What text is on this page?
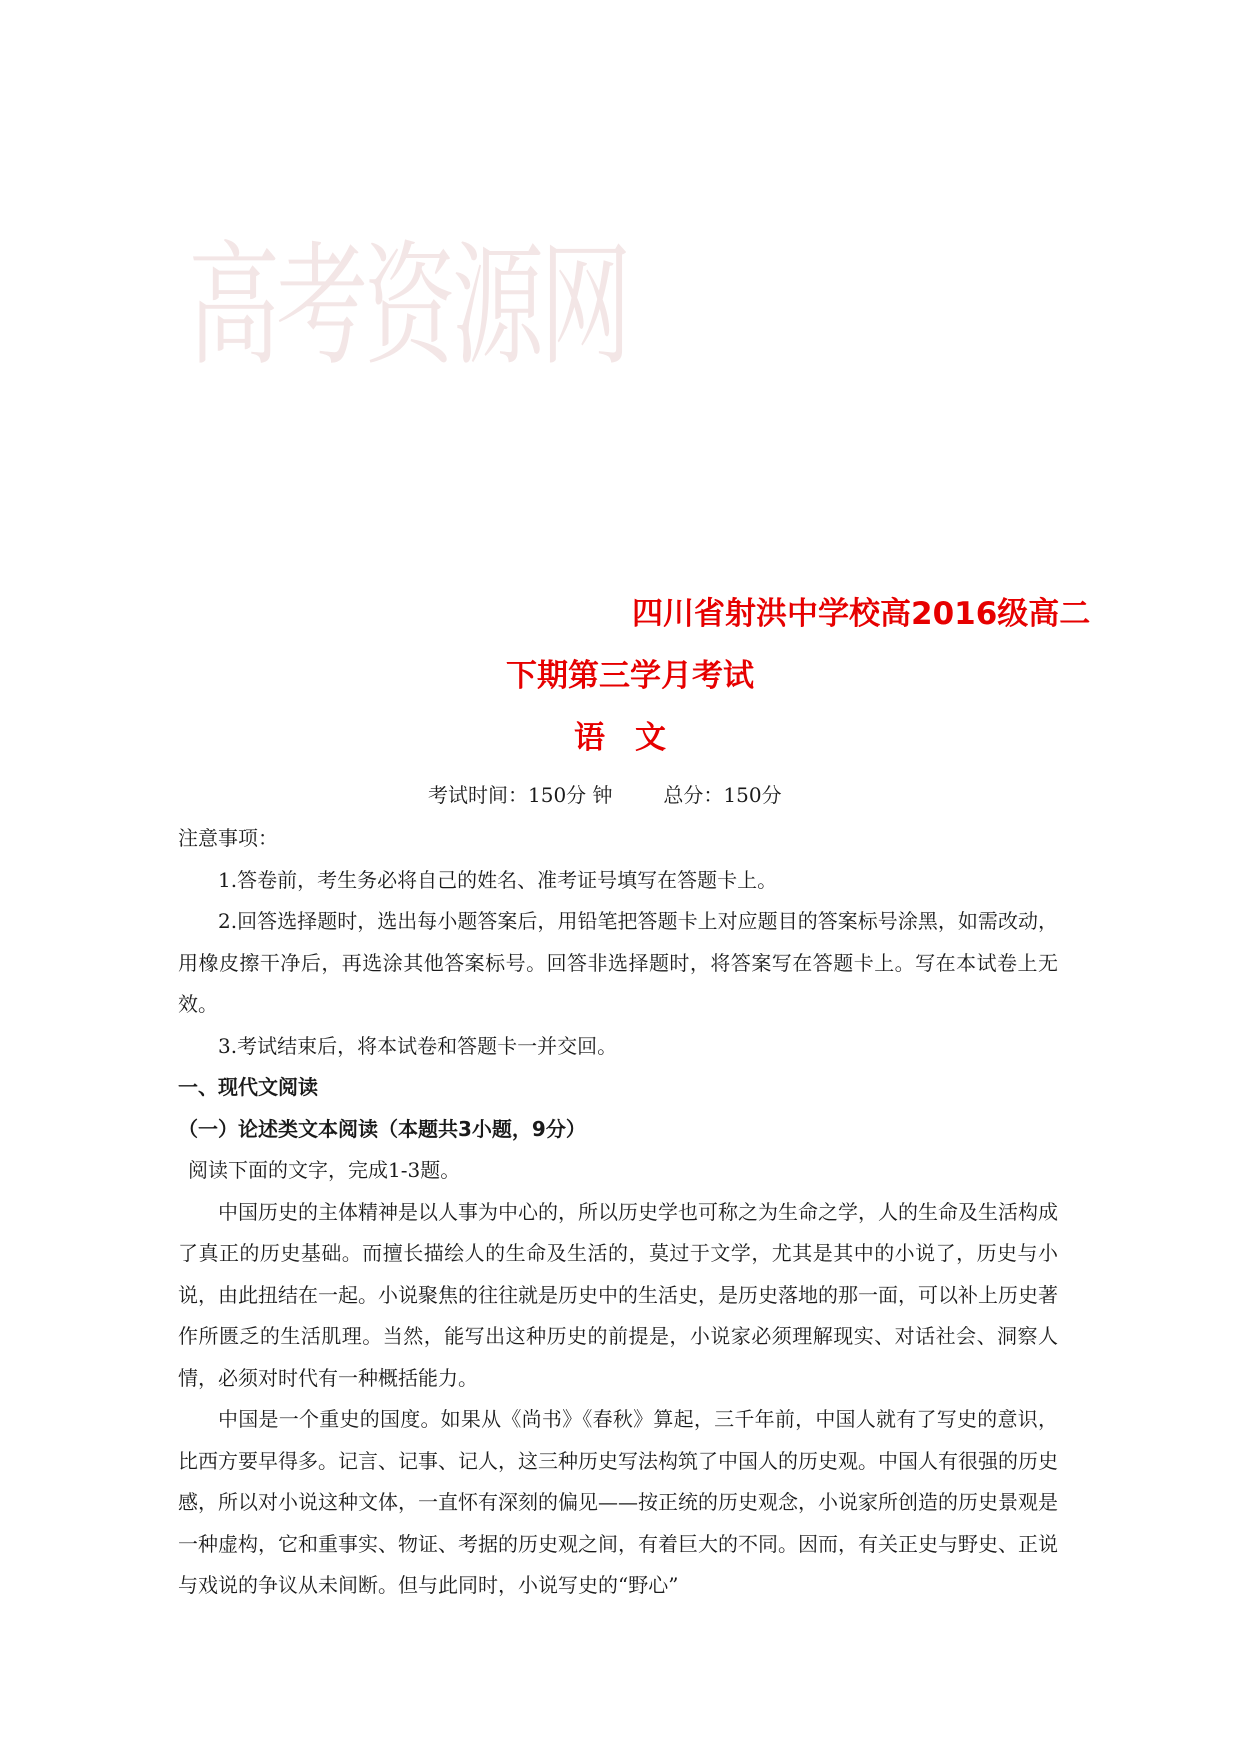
高考资源网
四川省射洪中学校高2016级高二
下期第三学月考试
语文
考试时间：150分 钟	总分：150分

注意事项：

1.答卷前，考生务必将自己的姓名、准考证号填写在答题卡上。

2.回答选择题时，选出每小题答案后，用铅笔把答题卡上对应题目的答案标号涂黑，如需改动，用橡皮擦干净后，再选涂其他答案标号。回答非选择题时，将答案写在答题卡上。写在本试卷上无效。

3.考试结束后，将本试卷和答题卡一并交回。

一、现代文阅读

（一）论述类文本阅读（本题共3小题，9分）

阅读下面的文字，完成1-3题。

中国历史的主体精神是以人事为中心的，所以历史学也可称之为生命之学，人的生命及生活构成了真正的历史基础。而擅长描绘人的生命及生活的，莫过于文学，尤其是其中的小说了，历史与小说，由此扭结在一起。小说聚焦的往往就是历史中的生活史，是历史落地的那一面，可以补上历史著作所匮乏的生活肌理。当然，能写出这种历史的前提是，小说家必须理解现实、对话社会、洞察人情，必须对时代有一种概括能力。

中国是一个重史的国度。如果从《尚书》《春秋》算起，三千年前，中国人就有了写史的意识，比西方要早得多。记言、记事、记人，这三种历史写法构筑了中国人的历史观。中国人有很强的历史感，所以对小说这种文体，一直怀有深刻的偏见——按正统的历史观念，小说家所创造的历史景观是一种虚构，它和重事实、物证、考据的历史观之间，有着巨大的不同。因而，有关正史与野史、正说与戏说的争议从未间断。但与此同时，小说写史的“野心”
